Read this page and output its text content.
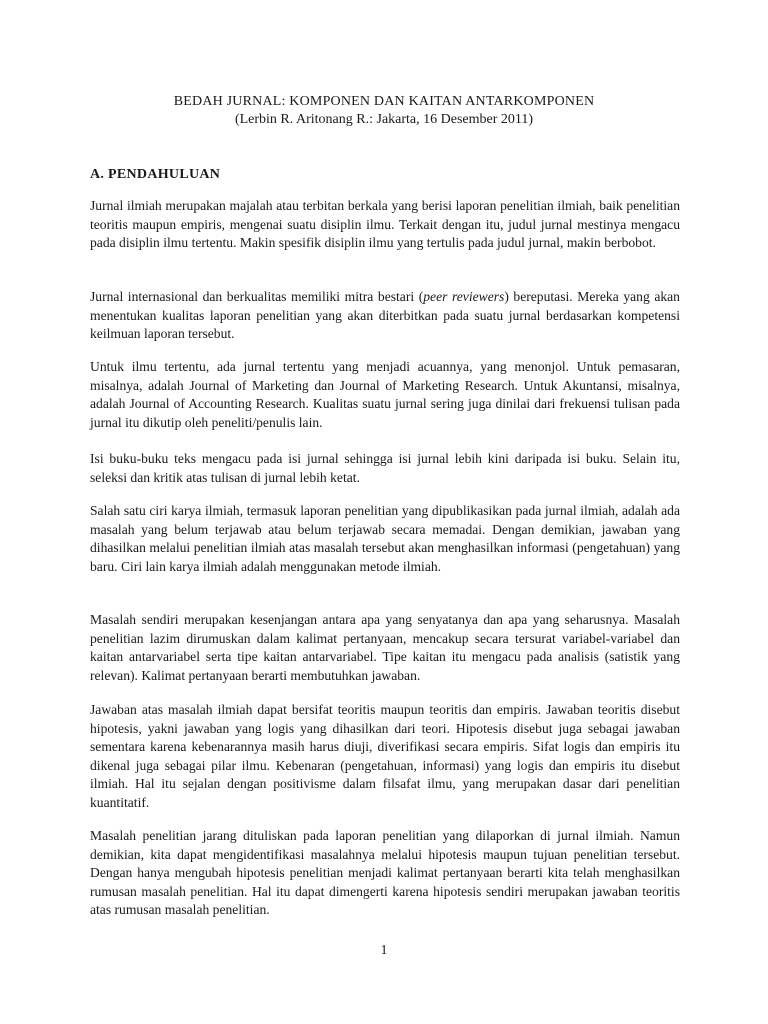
BEDAH JURNAL: KOMPONEN DAN KAITAN ANTARKOMPONEN
(Lerbin R. Aritonang R.: Jakarta, 16 Desember 2011)
A. PENDAHULUAN

Jurnal ilmiah merupakan majalah atau terbitan berkala yang berisi laporan penelitian ilmiah, baik penelitian teoritis maupun empiris, mengenai suatu disiplin ilmu. Terkait dengan itu, judul jurnal mestinya mengacu pada disiplin ilmu tertentu. Makin spesifik disiplin ilmu yang tertulis pada judul jurnal, makin berbobot.

Jurnal internasional dan berkualitas memiliki mitra bestari (peer reviewers) bereputasi. Mereka yang akan menentukan kualitas laporan penelitian yang akan diterbitkan pada suatu jurnal berdasarkan kompetensi keilmuan laporan tersebut.

Untuk ilmu tertentu, ada jurnal tertentu yang menjadi acuannya, yang menonjol. Untuk pemasaran, misalnya, adalah Journal of Marketing dan Journal of Marketing Research. Untuk Akuntansi, misalnya, adalah Journal of Accounting Research. Kualitas suatu jurnal sering juga dinilai dari frekuensi tulisan pada jurnal itu dikutip oleh peneliti/penulis lain.

Isi buku-buku teks mengacu pada isi jurnal sehingga isi jurnal lebih kini daripada isi buku. Selain itu, seleksi dan kritik atas tulisan di jurnal lebih ketat.

Salah satu ciri karya ilmiah, termasuk laporan penelitian yang dipublikasikan pada jurnal ilmiah, adalah ada masalah yang belum terjawab atau belum terjawab secara memadai. Dengan demikian, jawaban yang dihasilkan melalui penelitian ilmiah atas masalah tersebut akan menghasilkan informasi (pengetahuan) yang baru. Ciri lain karya ilmiah adalah menggunakan metode ilmiah.

Masalah sendiri merupakan kesenjangan antara apa yang senyatanya dan apa yang seharusnya. Masalah penelitian lazim dirumuskan dalam kalimat pertanyaan, mencakup secara tersurat variabel-variabel dan kaitan antarvariabel serta tipe kaitan antarvariabel. Tipe kaitan itu mengacu pada analisis (satistik yang relevan). Kalimat pertanyaan berarti membutuhkan jawaban.

Jawaban atas masalah ilmiah dapat bersifat teoritis maupun teoritis dan empiris. Jawaban teoritis disebut hipotesis, yakni jawaban yang logis yang dihasilkan dari teori. Hipotesis disebut juga sebagai jawaban sementara karena kebenarannya masih harus diuji, diverifikasi secara empiris. Sifat logis dan empiris itu dikenal juga sebagai pilar ilmu. Kebenaran (pengetahuan, informasi) yang logis dan empiris itu disebut ilmiah. Hal itu sejalan dengan positivisme dalam filsafat ilmu, yang merupakan dasar dari penelitian kuantitatif.

Masalah penelitian jarang dituliskan pada laporan penelitian yang dilaporkan di jurnal ilmiah. Namun demikian, kita dapat mengidentifikasi masalahnya melalui hipotesis maupun tujuan penelitian tersebut. Dengan hanya mengubah hipotesis penelitian menjadi kalimat pertanyaan berarti kita telah menghasilkan rumusan masalah penelitian. Hal itu dapat dimengerti karena hipotesis sendiri merupakan jawaban teoritis atas rumusan masalah penelitian.

1
